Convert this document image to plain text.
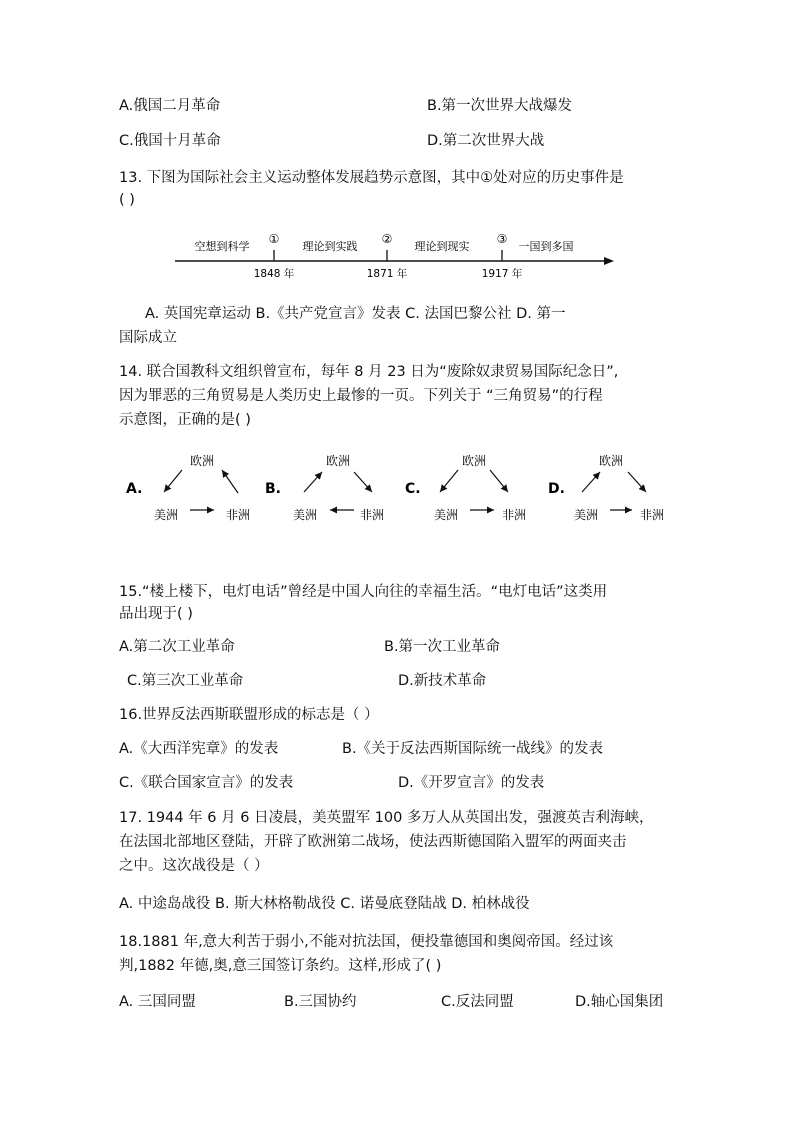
A.俄国二月革命	B.第一次世界大战爆发
C.俄国十月革命	D.第二次世界大战
13. 下图为国际社会主义运动整体发展趋势示意图，其中①处对应的历史事件是
( )
空想到科学	理论到实践	理论到现实	一国到多国
①	②	③
1848 年	1871 年	1917 年
A. 英国宪章运动 B.《共产党宣言》发表 C. 法国巴黎公社 D. 第一
国际成立
14. 联合国教科文组织曾宣布，每年 8 月 23 日为“废除奴隶贸易国际纪念日”,
因为罪恶的三角贸易是人类历史上最惨的一页。下列关于 “三角贸易”的行程
示意图，正确的是( )
A.
欧洲
美洲	非洲
B.
欧洲
美洲	非洲
C.
欧洲
美洲	非洲
D.
欧洲
美洲	非洲
15.“楼上楼下，电灯电话”曾经是中国人向往的幸福生活。“电灯电话”这类用
品出现于( )
A.第二次工业革命	B.第一次工业革命
C.第三次工业革命	D.新技术革命
16.世界反法西斯联盟形成的标志是（ ）
A.《大西洋宪章》的发表	B.《关于反法西斯国际统一战线》的发表
C.《联合国家宣言》的发表	D.《开罗宣言》的发表
17. 1944 年 6 月 6 日凌晨，美英盟军 100 多万人从英国出发，强渡英吉利海峡，
在法国北部地区登陆，开辟了欧洲第二战场，使法西斯德国陷入盟军的两面夹击
之中。这次战役是（ ）
A. 中途岛战役 B. 斯大林格勒战役 C. 诺曼底登陆战 D. 柏林战役
18.1881 年,意大利苦于弱小,不能对抗法国，便投靠德国和奥阅帝国。经过该
判,1882 年德,奥,意三国签订条约。这样,形成了( )
A. 三国同盟	B.三国协约	C.反法同盟	D.轴心国集团
